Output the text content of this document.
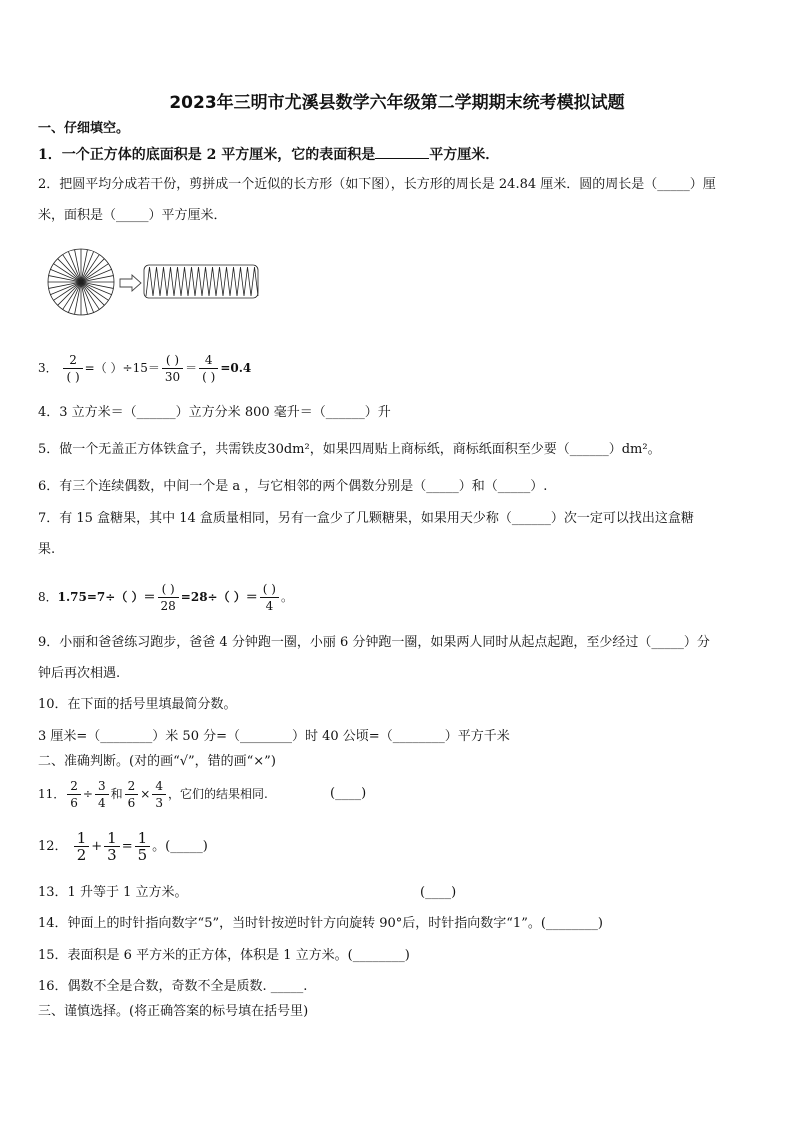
2023年三明市尤溪县数学六年级第二学期期末统考模拟试题
一、仔细填空。
1．一个正方体的底面积是 2 平方厘米，它的表面积是	平方厘米．
2．把圆平均分成若干份，剪拼成一个近似的长方形（如下图），长方形的周长是 24.84 厘米．圆的周长是（_____）厘
米，面积是（_____）平方厘米．
3．
2
( )
=（ ）÷15＝
( )
30
＝
4
( )
=0.4
4．3 立方米＝（______）立方分米 800 毫升＝（______）升
5．做一个无盖正方体铁盒子，共需铁皮30dm²，如果四周贴上商标纸，商标纸面积至少要（______）dm²。
6．有三个连续偶数，中间一个是 a ，与它相邻的两个偶数分别是（_____）和（_____）.
7．有 15 盒糖果，其中 14 盒质量相同，另有一盒少了几颗糖果，如果用天少称（______）次一定可以找出这盒糖
果.
8．1.75=7÷（ ）＝
( )
28
=28÷（ ）＝
( )
4
。
9．小丽和爸爸练习跑步，爸爸 4 分钟跑一圈，小丽 6 分钟跑一圈，如果两人同时从起点起跑，至少经过（_____）分
钟后再次相遇.
10．在下面的括号里填最简分数。
3 厘米=（________）米 50 分=（________）时 40 公顷=（________）平方千米
二、准确判断。(对的画“√”，错的画“×”)
11． $\frac{2}{6} \div \frac{3}{4}$ 和 $\frac{2}{6} \times \frac{4}{3}$ ，它们的结果相同.	(____)
12． $\frac{1}{2} + \frac{1}{3} = \frac{1}{5}$ 。(_____)
13．1 升等于 1 立方米。	(____)
14．钟面上的时针指向数字“5”，当时针按逆时针方向旋转 90°后，时针指向数字“1”。(________)
15．表面积是 6 平方米的正方体，体积是 1 立方米。(________)
16．偶数不全是合数，奇数不全是质数. _____.
三、谨慎选择。(将正确答案的标号填在括号里)
